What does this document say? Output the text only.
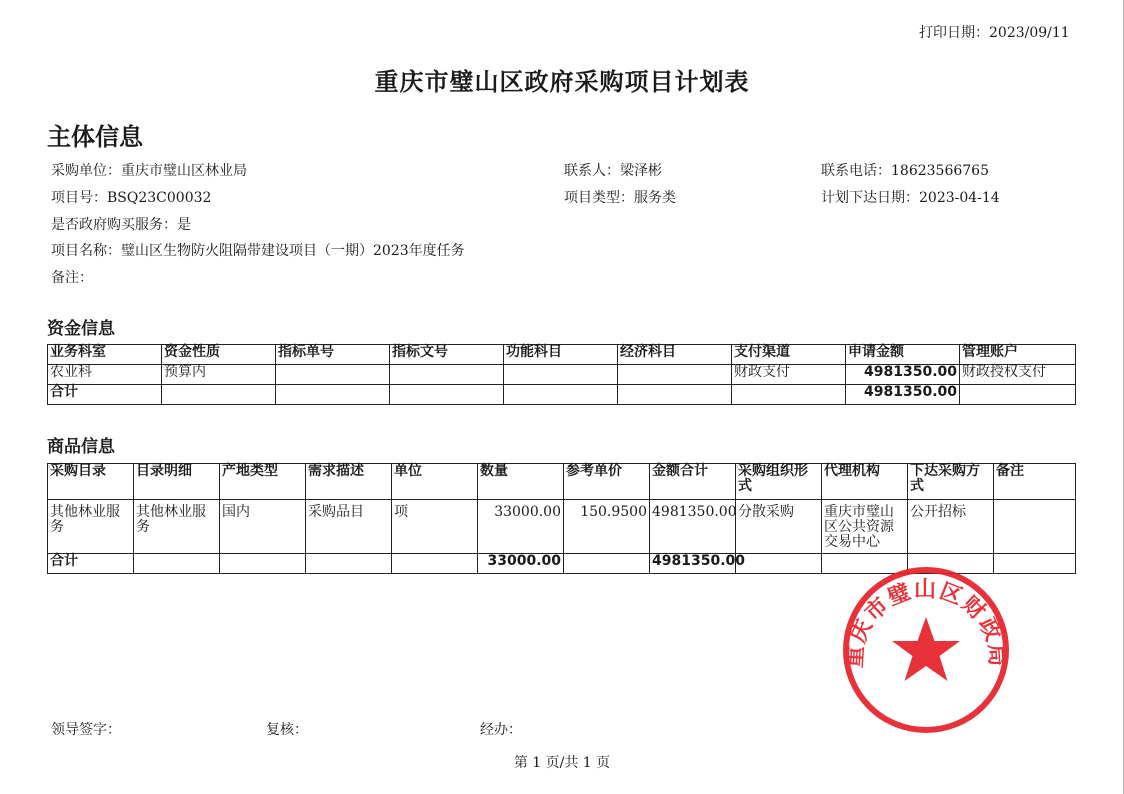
打印日期：2023/09/11
重庆市璧山区政府采购项目计划表
主体信息
采购单位：重庆市璧山区林业局	联系人：梁泽彬	联系电话：18623566765
项目号：BSQ23C00032	项目类型：服务类	计划下达日期：2023-04-14
是否政府购买服务：是
项目名称：璧山区生物防火阻隔带建设项目（一期）2023年度任务
备注：
资金信息
业务科室	资金性质	指标单号	指标文号	功能科目	经济科目	支付渠道	申请金额	管理账户
农业科	预算内					财政支付	4981350.00	财政授权支付
合计							4981350.00	
商品信息
采购目录	目录明细	产地类型	需求描述	单位	数量	参考单价	金额合计	采购组织形式	代理机构	下达采购方式	备注
其他林业服务	其他林业服务	国内	采购品目	项	33000.00	150.9500	4981350.00	分散采购	重庆市璧山区公共资源交易中心	公开招标	
合计					33000.00		4981350.00				
重庆市璧山区财政局
领导签字：	复核：	经办：
第 1 页/共 1 页
